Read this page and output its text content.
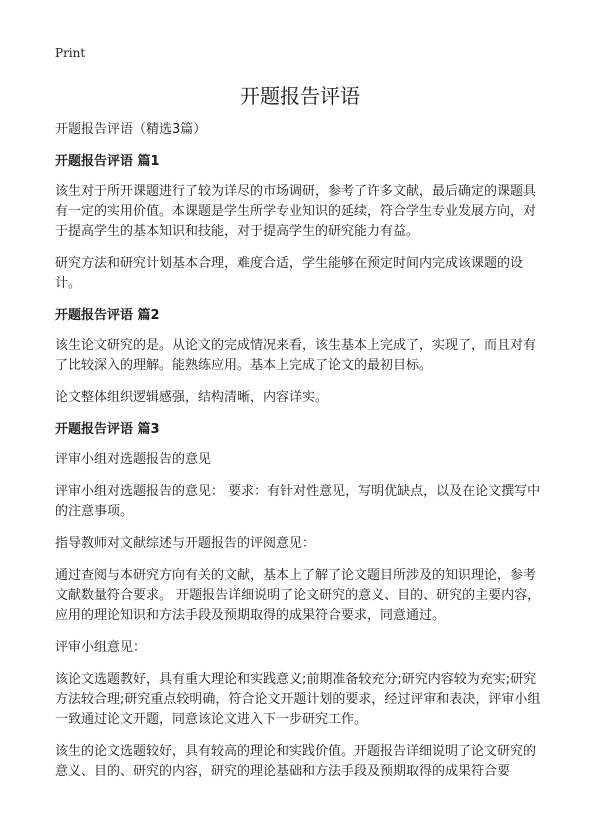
Print
开题报告评语

开题报告评语（精选3篇）

开题报告评语 篇1

该生对于所开课题进行了较为详尽的市场调研，参考了许多文献，最后确定的课题具有一定的实用价值。本课题是学生所学专业知识的延续，符合学生专业发展方向，对于提高学生的基本知识和技能，对于提高学生的研究能力有益。

研究方法和研究计划基本合理，难度合适，学生能够在预定时间内完成该课题的设计。

开题报告评语 篇2

该生论文研究的是。从论文的完成情况来看，该生基本上完成了，实现了，而且对有了比较深入的理解。能熟练应用。基本上完成了论文的最初目标。

论文整体组织逻辑感强，结构清晰，内容详实。

开题报告评语 篇3

评审小组对选题报告的意见

评审小组对选题报告的意见： 要求：有针对性意见，写明优缺点，以及在论文撰写中的注意事项。

指导教师对文献综述与开题报告的评阅意见：

通过查阅与本研究方向有关的文献，基本上了解了论文题目所涉及的知识理论，参考文献数量符合要求。 开题报告详细说明了论文研究的意义、目的、研究的主要内容，应用的理论知识和方法手段及预期取得的成果符合要求，同意通过。

评审小组意见：

该论文选题教好，具有重大理论和实践意义;前期准备较充分;研究内容较为充实;研究方法较合理;研究重点较明确，符合论文开题计划的要求，经过评审和表决，评审小组一致通过论文开题，同意该论文进入下一步研究工作。

该生的论文选题较好，具有较高的理论和实践价值。开题报告详细说明了论文研究的意义、目的、研究的内容，研究的理论基础和方法手段及预期取得的成果符合要
